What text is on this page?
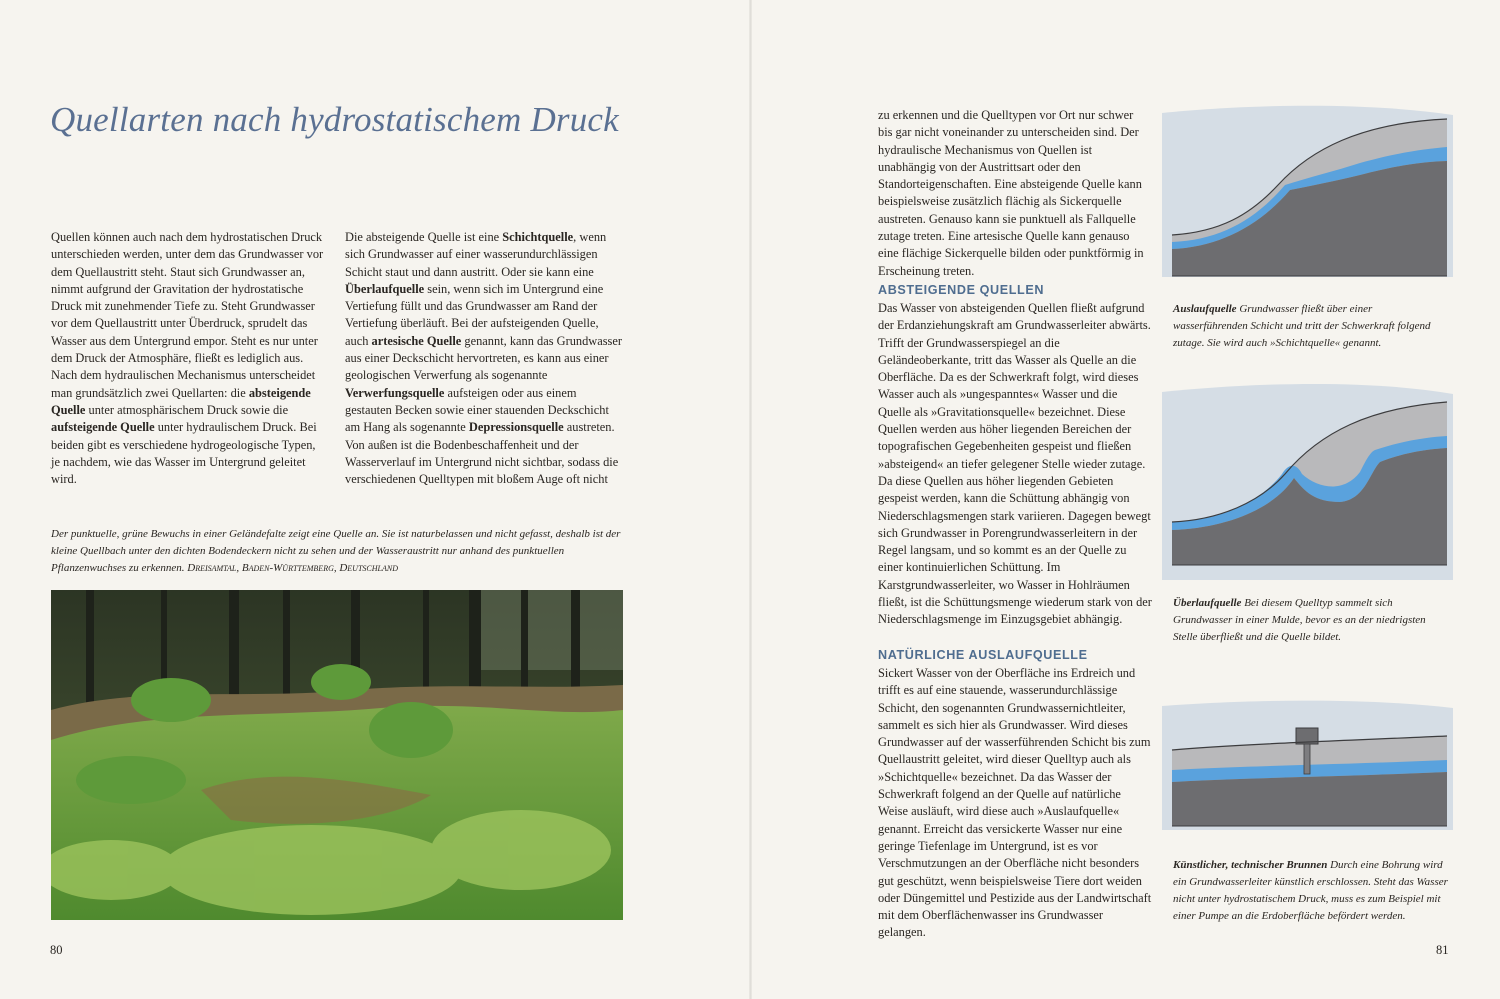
Quellarten nach hydrostatischem Druck

Quellen können auch nach dem hydrostatischen Druck unterschieden werden, unter dem das Grundwasser vor dem Quellaustritt steht. Staut sich Grundwasser an, nimmt aufgrund der Gravitation der hydrostatische Druck mit zunehmender Tiefe zu. Steht Grundwasser vor dem Quellaustritt unter Überdruck, sprudelt das Wasser aus dem Untergrund empor. Steht es nur unter dem Druck der Atmosphäre, fließt es lediglich aus.

Nach dem hydraulischen Mechanismus unterscheidet man grundsätzlich zwei Quellarten: die absteigende Quelle unter atmosphärischem Druck sowie die aufsteigende Quelle unter hydraulischem Druck. Bei beiden gibt es verschiedene hydrogeologische Typen, je nachdem, wie das Wasser im Untergrund geleitet wird.

Die absteigende Quelle ist eine Schichtquelle, wenn sich Grundwasser auf einer wasserundurchlässigen Schicht staut und dann austritt. Oder sie kann eine Überlaufquelle sein, wenn sich im Untergrund eine Vertiefung füllt und das Grundwasser am Rand der Vertiefung überläuft. Bei der aufsteigenden Quelle, auch artesische Quelle genannt, kann das Grundwasser aus einer Deckschicht hervortreten, es kann aus einer geologischen Verwerfung als sogenannte Verwerfungsquelle aufsteigen oder aus einem gestauten Becken sowie einer stauenden Deckschicht am Hang als sogenannte Depressionsquelle austreten.

Von außen ist die Bodenbeschaffenheit und der Wasserverlauf im Untergrund nicht sichtbar, sodass die verschiedenen Quelltypen mit bloßem Auge oft nicht

Der punktuelle, grüne Bewuchs in einer Geländefalte zeigt eine Quelle an. Sie ist naturbelassen und nicht gefasst, deshalb ist der kleine Quellbach unter den dichten Bodendeckern nicht zu sehen und der Wasseraustritt nur anhand des punktuellen Pflanzenwuchses zu erkennen. Dreisamtal, Baden-Württemberg, Deutschland

80

zu erkennen und die Quelltypen vor Ort nur schwer bis gar nicht voneinander zu unterscheiden sind. Der hydraulische Mechanismus von Quellen ist unabhängig von der Austrittsart oder den Standorteigenschaften. Eine absteigende Quelle kann beispielsweise zusätzlich flächig als Sickerquelle austreten. Genauso kann sie punktuell als Fallquelle zutage treten. Eine artesische Quelle kann genauso eine flächige Sickerquelle bilden oder punktförmig in Erscheinung treten.

ABSTEIGENDE QUELLEN

Das Wasser von absteigenden Quellen fließt aufgrund der Erdanziehungskraft am Grundwasserleiter abwärts. Trifft der Grundwasserspiegel an die Geländeoberkante, tritt das Wasser als Quelle an die Oberfläche. Da es der Schwerkraft folgt, wird dieses Wasser auch als »ungespanntes« Wasser und die Quelle als »Gravitationsquelle« bezeichnet. Diese Quellen werden aus höher liegenden Bereichen der topografischen Gegebenheiten gespeist und fließen »absteigend« an tiefer gelegener Stelle wieder zutage. Da diese Quellen aus höher liegenden Gebieten gespeist werden, kann die Schüttung abhängig von Niederschlagsmengen stark variieren. Dagegen bewegt sich Grundwasser in Porengrundwasserleitern in der Regel langsam, und so kommt es an der Quelle zu einer kontinuierlichen Schüttung. Im Karstgrundwasserleiter, wo Wasser in Hohlräumen fließt, ist die Schüttungsmenge wiederum stark von der Niederschlagsmenge im Einzugsgebiet abhängig.

NATÜRLICHE AUSLAUFQUELLE

Sickert Wasser von der Oberfläche ins Erdreich und trifft es auf eine stauende, wasserundurchlässige Schicht, den sogenannten Grundwassernichtleiter, sammelt es sich hier als Grundwasser. Wird dieses Grundwasser auf der wasserführenden Schicht bis zum Quellaustritt geleitet, wird dieser Quelltyp auch als »Schichtquelle« bezeichnet. Da das Wasser der Schwerkraft folgend an der Quelle auf natürliche Weise ausläuft, wird diese auch »Auslaufquelle« genannt. Erreicht das versickerte Wasser nur eine geringe Tiefenlage im Untergrund, ist es vor Verschmutzungen an der Oberfläche nicht besonders gut geschützt, wenn beispielsweise Tiere dort weiden oder Düngemittel und Pestizide aus der Landwirtschaft mit dem Oberflächenwasser ins Grundwasser gelangen.

Auslaufquelle Grundwasser fließt über einer wasserführenden Schicht und tritt der Schwerkraft folgend zutage. Sie wird auch »Schichtquelle« genannt.

Überlaufquelle Bei diesem Quelltyp sammelt sich Grundwasser in einer Mulde, bevor es an der niedrigsten Stelle überfließt und die Quelle bildet.

Künstlicher, technischer Brunnen Durch eine Bohrung wird ein Grundwasserleiter künstlich erschlossen. Steht das Wasser nicht unter hydrostatischem Druck, muss es zum Beispiel mit einer Pumpe an die Erdoberfläche befördert werden.

81
